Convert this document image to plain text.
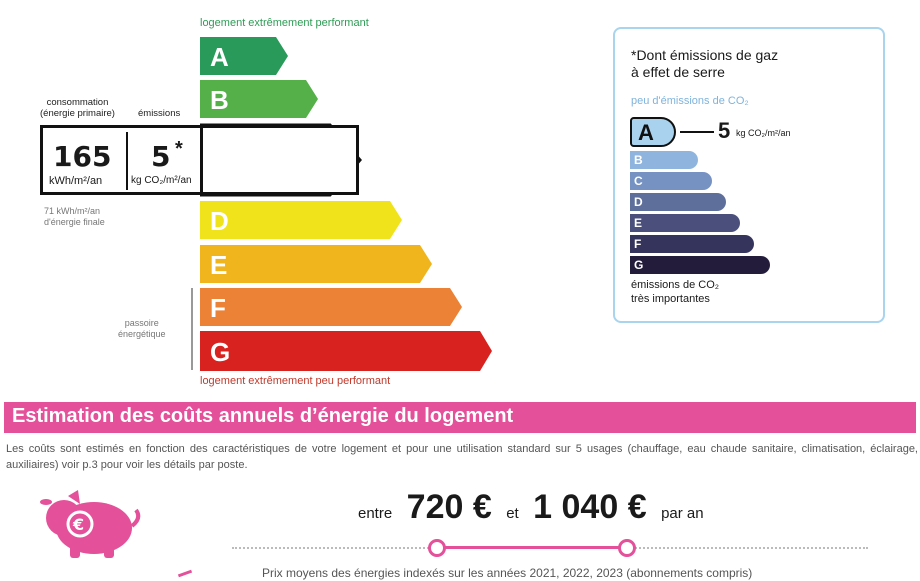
logement extrêmement performant
A
B
D
E
F
G
logement extrêmement peu performant
consommation
(énergie primaire) émissions
165
kWh/m²/an
5 *
kg CO₂/m²/an
71 kWh/m²/an
d'énergie finale
passoire
énergétique
*Dont émissions de gaz
à effet de serre
peu d'émissions de CO₂
A
B
C
D
E
F
G
5 kg CO₂/m²/an
émissions de CO₂
très importantes
Estimation des coûts annuels d’énergie du logement
Les coûts sont estimés en fonction des caractéristiques de votre logement et pour une utilisation standard sur 5 usages (chauffage, eau chaude sanitaire, climatisation, éclairage, auxiliaires) voir p.3 pour voir les détails par poste.
€
entre 720 € et 1 040 € par an
Prix moyens des énergies indexés sur les années 2021, 2022, 2023 (abonnements compris)
